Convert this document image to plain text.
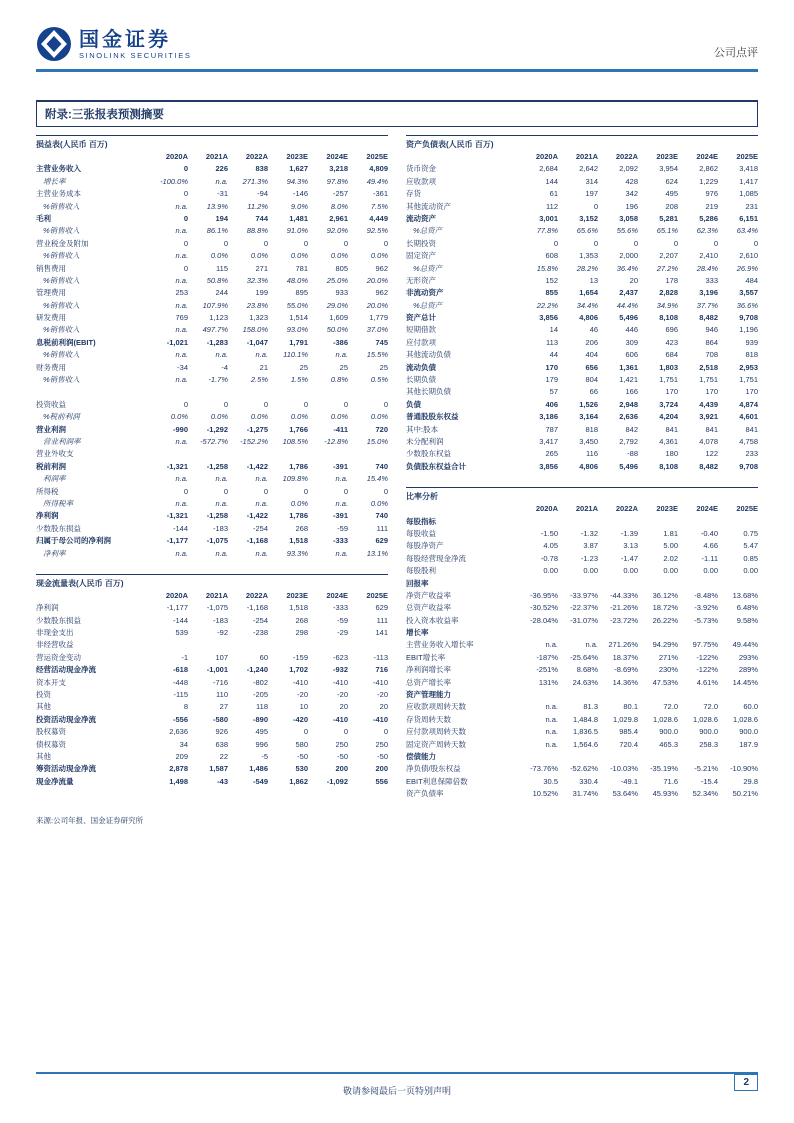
国金证券
SINOLINK SECURITIES	公司点评
附录:三张报表预测摘要
损益表(人民币 百万)
2020A	2021A	2022A	2023E	2024E	2025E
主营业务收入	0	226	838	1,627	3,218	4,809
增长率	-100.0%	n.a.	271.3%	94.3%	97.8%	49.4%
主营业务成本	0	-31	-94	-146	-257	-361
%销售收入	n.a.	13.9%	11.2%	9.0%	8.0%	7.5%
毛利	0	194	744	1,481	2,961	4,449
%销售收入	n.a.	86.1%	88.8%	91.0%	92.0%	92.5%
营业税金及附加	0	0	0	0	0	0
%销售收入	n.a.	0.0%	0.0%	0.0%	0.0%	0.0%
销售费用	0	115	271	781	805	962
%销售收入	n.a.	50.8%	32.3%	48.0%	25.0%	20.0%
管理费用	253	244	199	895	933	962
%销售收入	n.a.	107.9%	23.8%	55.0%	29.0%	20.0%
研发费用	769	1,123	1,323	1,514	1,609	1,779
%销售收入	n.a.	497.7%	158.0%	93.0%	50.0%	37.0%
息税前利润(EBIT)	-1,021	-1,283	-1,047	1,791	-386	745
%销售收入	n.a.	n.a.	n.a.	110.1%	n.a.	15.5%
财务费用	-34	-4	21	25	25	25
%销售收入	n.a.	-1.7%	2.5%	1.5%	0.8%	0.5%
投资收益	0	0	0	0	0	0
%税前利润	0.0%	0.0%	0.0%	0.0%	0.0%	0.0%
营业利润	-990	-1,292	-1,275	1,766	-411	720
营业利润率	n.a.	-572.7%	-152.2%	108.5%	-12.8%	15.0%
营业外收支
税前利润	-1,321	-1,258	-1,422	1,786	-391	740
利润率	n.a.	n.a.	n.a.	109.8%	n.a.	15.4%
所得税	0	0	0	0	0	0
所得税率	n.a.	n.a.	n.a.	0.0%	n.a.	0.0%
净利润	-1,321	-1,258	-1,422	1,786	-391	740
少数股东损益	-144	-183	-254	268	-59	111
归属于母公司的净利润	-1,177	-1,075	-1,168	1,518	-333	629
净利率	n.a.	n.a.	n.a.	93.3%	n.a.	13.1%
现金流量表(人民币 百万)
2020A	2021A	2022A	2023E	2024E	2025E
净利润	-1,177	-1,075	-1,168	1,518	-333	629
少数股东损益	-144	-183	-254	268	-59	111
非现金支出	539	-92	-238	298	-29	141
非经营收益
营运资金变动	-1	107	60	-159	-623	-113
经营活动现金净流	-618	-1,001	-1,240	1,702	-932	716
资本开支	-448	-716	-802	-410	-410	-410
投资	-115	110	-205	-20	-20	-20
其他	8	27	118	10	20	20
投资活动现金净流	-556	-580	-890	-420	-410	-410
股权募资	2,636	926	495	0	0	0
债权募资	34	638	996	580	250	250
其他	209	22	-5	-50	-50	-50
筹资活动现金净流	2,878	1,587	1,486	530	200	200
现金净流量	1,498	-43	-549	1,862	-1,092	556
资产负债表(人民币 百万)
2020A	2021A	2022A	2023E	2024E	2025E
货币资金	2,684	2,642	2,092	3,954	2,862	3,418
应收款项	144	314	428	624	1,229	1,417
存货	61	197	342	495	976	1,085
其他流动资产	112	0	196	208	219	231
流动资产	3,001	3,152	3,058	5,281	5,286	6,151
%总资产	77.8%	65.6%	55.6%	65.1%	62.3%	63.4%
长期投资	0	0	0	0	0	0
固定资产	608	1,353	2,000	2,207	2,410	2,610
%总资产	15.8%	28.2%	36.4%	27.2%	28.4%	26.9%
无形资产	152	13	20	178	333	484
非流动资产	855	1,654	2,437	2,828	3,196	3,557
%总资产	22.2%	34.4%	44.4%	34.9%	37.7%	36.6%
资产总计	3,856	4,806	5,496	8,108	8,482	9,708
短期借款	14	46	446	696	946	1,196
应付款项	113	206	309	423	864	939
其他流动负债	44	404	606	684	708	818
流动负债	170	656	1,361	1,803	2,518	2,953
长期负债	179	804	1,421	1,751	1,751	1,751
其他长期负债	57	66	166	170	170	170
负债	406	1,526	2,948	3,724	4,439	4,874
普通股股东权益	3,186	3,164	2,636	4,204	3,921	4,601
其中:股本	787	818	842	841	841	841
未分配利润	3,417	3,450	2,792	4,361	4,078	4,758
少数股东权益	265	116	-88	180	122	233
负债股东权益合计	3,856	4,806	5,496	8,108	8,482	9,708
比率分析
2020A	2021A	2022A	2023E	2024E	2025E
每股指标
每股收益	-1.50	-1.32	-1.39	1.81	-0.40	0.75
每股净资产	4.05	3.87	3.13	5.00	4.66	5.47
每股经营现金净流	-0.78	-1.23	-1.47	2.02	-1.11	0.85
每股股利	0.00	0.00	0.00	0.00	0.00	0.00
回报率
净资产收益率	-36.95%	-33.97%	-44.33%	36.12%	-8.48%	13.68%
总资产收益率	-30.52%	-22.37%	-21.26%	18.72%	-3.92%	6.48%
投入资本收益率	-28.04%	-31.07%	-23.72%	26.22%	-5.73%	9.58%
增长率
主营业务收入增长率	n.a.	n.a.	271.26%	94.29%	97.75%	49.44%
EBIT增长率	-187%	-25.64%	18.37%	271%	-122%	293%
净利润增长率	-251%	8.68%	-8.69%	230%	-122%	289%
总资产增长率	131%	24.63%	14.36%	47.53%	4.61%	14.45%
资产管理能力
应收款项周转天数	n.a.	81.3	80.1	72.0	72.0	60.0
存货周转天数	n.a.	1,484.8	1,029.8	1,028.6	1,028.6	1,028.6
应付款项周转天数	n.a.	1,836.5	985.4	900.0	900.0	900.0
固定资产周转天数	n.a.	1,564.6	720.4	465.3	258.3	187.9
偿债能力
净负债/股东权益	-73.76%	-52.62%	-10.03%	-35.19%	-5.21%	-10.90%
EBIT利息保障倍数	30.5	330.4	-49.1	71.6	-15.4	29.8
资产负债率	10.52%	31.74%	53.64%	45.93%	52.34%	50.21%
来源:公司年报、国金证券研究所
敬请参阅最后一页特别声明
2
